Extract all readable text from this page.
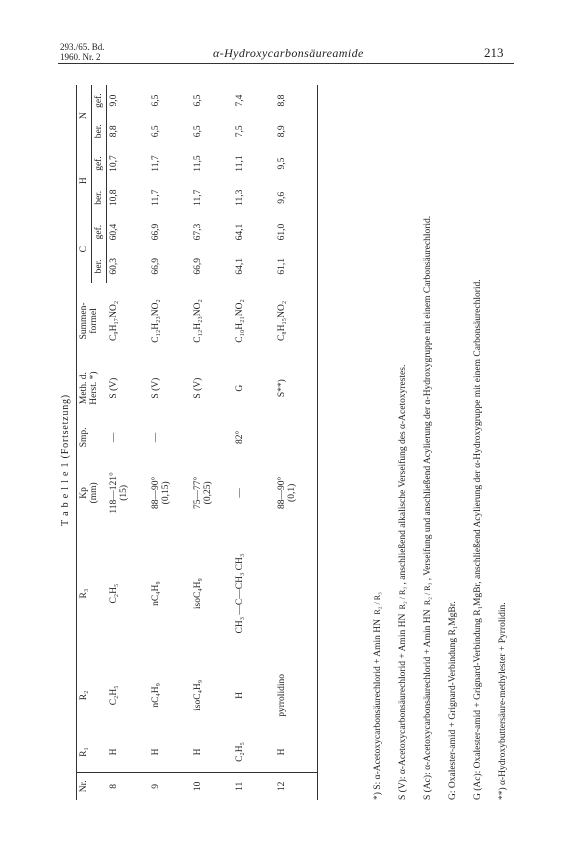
293./65. Bd.
1960. Nr. 2	α-Hydroxycarbonsäureamide	213
T a b e l l e 1 (Fortsetzung)
Nr.	R₁	R₂	R₃	Kp (mm)	Smp.	Meth. d. Herst. *)	Summen- formel	C		H		N	
								ber.	gef.	ber.	gef.	ber.	gef.
8	H	C₂H₅	C₂H₅	118—121° (15)	—	S (V)	C₉H₁₇NO₂	60,3	60,4	10,8	10,7	8,8	9,0
9	H	nC₄H₉	nC₄H₉	88—90° (0,15)	—	S (V)	C₁₂H₂₃NO₂	66,9	66,9	11,7	11,7	6,5	6,5
10	H	isoC₄H₉	isoC₄H₉	75—77° (0,25)		S (V)	C₁₂H₂₃NO₂	66,9	67,3	11,7	11,5	6,5	6,5
11	C₂H₅	H	CH₃ —C—CH₃ CH₃	—	82°	G	C₁₀H₂₁NO₂	64,1	64,1	11,3	11,1	7,5	7,4
12	H	pyrrolidino		88—90° (0,1)		S**)	C₈H₁₅NO₂	61,1	61,0	9,6	9,5	8,9	8,8

*) S: α-Acetoxycarbonsäurechlorid + Amin HN R₂ / R₃

S (V): α-Acetoxycarbonsäurechlorid + Amin HN R₂ / R₃ , anschließend alkalische Verseifung des α-Acetoxyrestes.

S (Ac): α-Acetoxycarbonsäurechlorid + Amin HN R₂ / R₃ , Verseifung und anschließend Acylierung der α-Hydroxygruppe mit einem Carbonsäurechlorid.

G: Oxalester-amid + Grignard-Verbindung R₁MgBr. G (Ac): Oxalester-amid + Grignard-Verbindung R₁MgBr, anschließend Acylierung der α-Hydroxygruppe mit einem Carbonsäurechlorid. **) α-Hydroxybuttersäure-methylester + Pyrrolidin.
